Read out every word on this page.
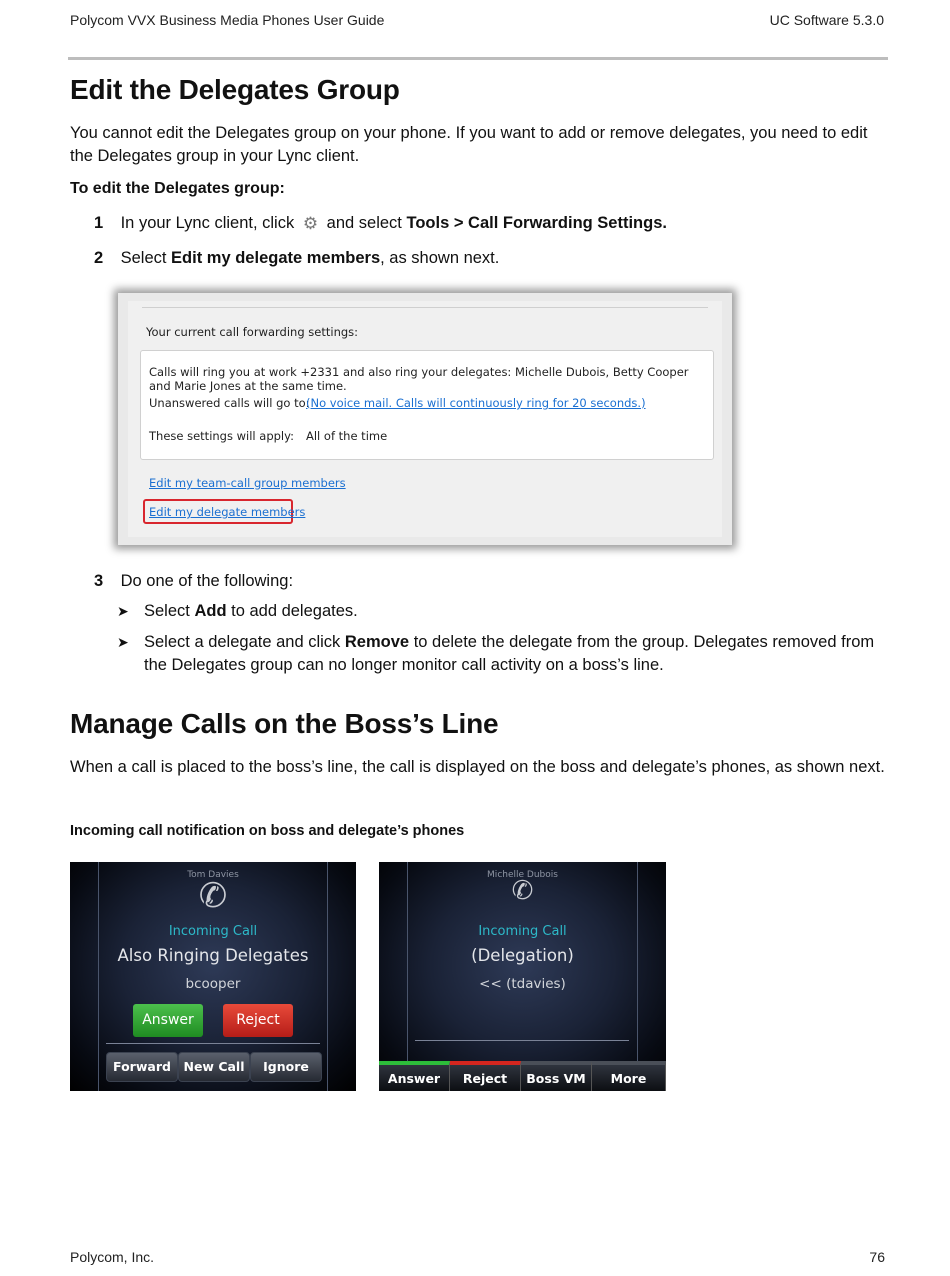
Polycom VVX Business Media Phones User Guide	UC Software 5.3.0
Edit the Delegates Group

You cannot edit the Delegates group on your phone. If you want to add or remove delegates, you need to edit the Delegates group in your Lync client.

To edit the Delegates group:
1 In your Lync client, click ⚙ and select Tools > Call Forwarding Settings.
2 Select Edit my delegate members, as shown next.
Your current call forwarding settings:
Calls will ring you at work +2331 and also ring your delegates: Michelle Dubois, Betty Cooper and Marie Jones at the same time.
Unanswered calls will go to:
(No voice mail. Calls will continuously ring for 20 seconds.)
These settings will apply: All of the time
Edit my team-call group members
Edit my delegate members
3 Do one of the following:
➤ Select Add to add delegates.
➤ Select a delegate and click Remove to delete the delegate from the group. Delegates removed from the Delegates group can no longer monitor call activity on a boss’s line.
Manage Calls on the Boss’s Line

When a call is placed to the boss’s line, the call is displayed on the boss and delegate’s phones, as shown next.

Incoming call notification on boss and delegate’s phones
Tom Davies
✆
Incoming Call
Also Ringing Delegates
bcooper
Answer	Reject
Forward	New Call	Ignore
Michelle Dubois
✆
Incoming Call
(Delegation)
<< (tdavies)
Answer	Reject	Boss VM	More
Polycom, Inc.	76
